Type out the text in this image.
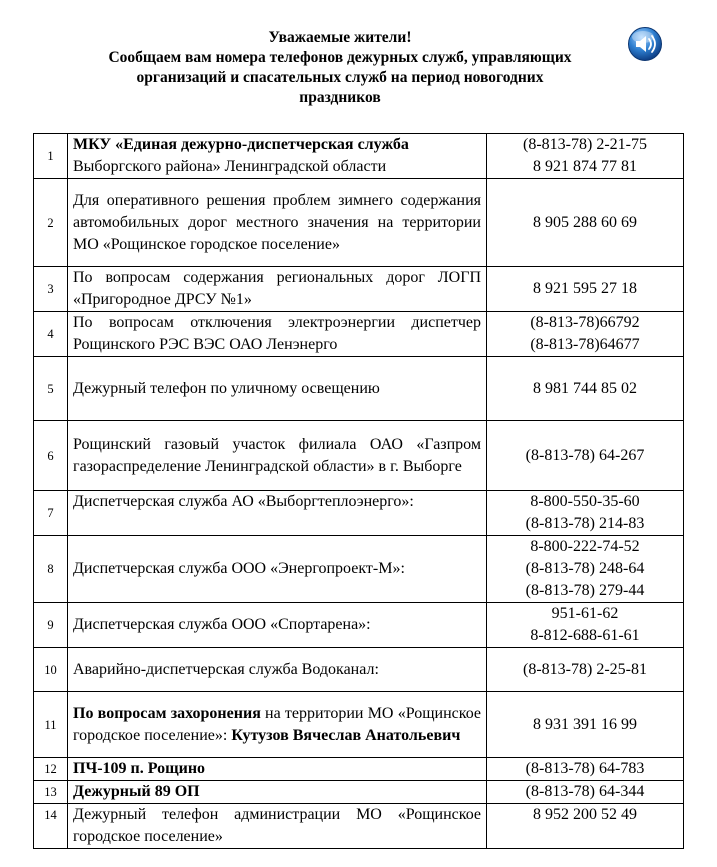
Уважаемые жители!
Сообщаем вам номера телефонов дежурных служб, управляющих
организаций и спасательных служб на период новогодних
праздников
1	МКУ «Единая дежурно-диспетчерская служба
Выборгского района» Ленинградской области	(8-813-78) 2-21-75
8 921 874 77 81

2	Для оперативного решения проблем зимнего содержания автомобильных дорог местного значения на территории МО «Рощинское городское поселение»	8 905 288 60 69

3	По вопросам содержания региональных дорог ЛОГП «Пригородное ДРСУ №1»	8 921 595 27 18

4	По вопросам отключения электроэнергии диспетчер Рощинского РЭС ВЭС ОАО Ленэнерго	(8-813-78)66792
(8-813-78)64677

5	Дежурный телефон по уличному освещению	8 981 744 85 02

6	Рощинский газовый участок филиала ОАО «Газпром газораспределение Ленинградской области» в г. Выборге	(8-813-78) 64-267

7	Диспетчерская служба АО «Выборгтеплоэнерго»:	8-800-550-35-60
(8-813-78) 214-83

8	Диспетчерская служба ООО «Энергопроект-М»:	8-800-222-74-52
(8-813-78) 248-64
(8-813-78) 279-44

9	Диспетчерская служба ООО «Спортарена»:	951-61-62
8-812-688-61-61

10	Аварийно-диспетчерская служба Водоканал:	(8-813-78) 2-25-81

11	По вопросам захоронения на территории МО «Рощинское городское поселение»: Кутузов Вячеслав Анатольевич	8 931 391 16 99

12	ПЧ-109 п. Рощино	(8-813-78) 64-783

13	Дежурный 89 ОП	(8-813-78) 64-344

14	Дежурный телефон администрации МО «Рощинское городское поселение»	8 952 200 52 49
